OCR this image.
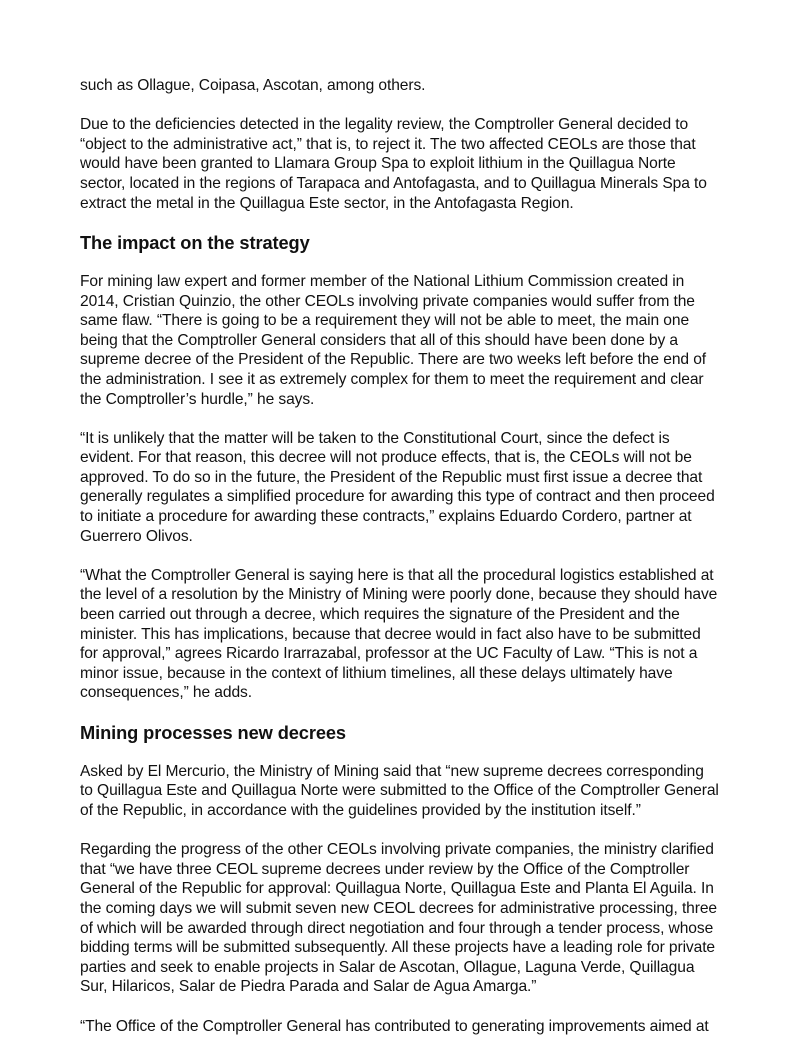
such as Ollague, Coipasa, Ascotan, among others.

Due to the deficiencies detected in the legality review, the Comptroller General decided to “object to the administrative act,” that is, to reject it. The two affected CEOLs are those that would have been granted to Llamara Group Spa to exploit lithium in the Quillagua Norte sector, located in the regions of Tarapaca and Antofagasta, and to Quillagua Minerals Spa to extract the metal in the Quillagua Este sector, in the Antofagasta Region.

The impact on the strategy

For mining law expert and former member of the National Lithium Commission created in 2014, Cristian Quinzio, the other CEOLs involving private companies would suffer from the same flaw. “There is going to be a requirement they will not be able to meet, the main one being that the Comptroller General considers that all of this should have been done by a supreme decree of the President of the Republic. There are two weeks left before the end of the administration. I see it as extremely complex for them to meet the requirement and clear the Comptroller’s hurdle,” he says.

“It is unlikely that the matter will be taken to the Constitutional Court, since the defect is evident. For that reason, this decree will not produce effects, that is, the CEOLs will not be approved. To do so in the future, the President of the Republic must first issue a decree that generally regulates a simplified procedure for awarding this type of contract and then proceed to initiate a procedure for awarding these contracts,” explains Eduardo Cordero, partner at Guerrero Olivos.

“What the Comptroller General is saying here is that all the procedural logistics established at the level of a resolution by the Ministry of Mining were poorly done, because they should have been carried out through a decree, which requires the signature of the President and the minister. This has implications, because that decree would in fact also have to be submitted for approval,” agrees Ricardo Irarrazabal, professor at the UC Faculty of Law. “This is not a minor issue, because in the context of lithium timelines, all these delays ultimately have consequences,” he adds.

Mining processes new decrees

Asked by El Mercurio, the Ministry of Mining said that “new supreme decrees corresponding to Quillagua Este and Quillagua Norte were submitted to the Office of the Comptroller General of the Republic, in accordance with the guidelines provided by the institution itself.”

Regarding the progress of the other CEOLs involving private companies, the ministry clarified that “we have three CEOL supreme decrees under review by the Office of the Comptroller General of the Republic for approval: Quillagua Norte, Quillagua Este and Planta El Aguila. In the coming days we will submit seven new CEOL decrees for administrative processing, three of which will be awarded through direct negotiation and four through a tender process, whose bidding terms will be submitted subsequently. All these projects have a leading role for private parties and seek to enable projects in Salar de Ascotan, Ollague, Laguna Verde, Quillagua Sur, Hilaricos, Salar de Piedra Parada and Salar de Agua Amarga.”

“The Office of the Comptroller General has contributed to generating improvements aimed at
